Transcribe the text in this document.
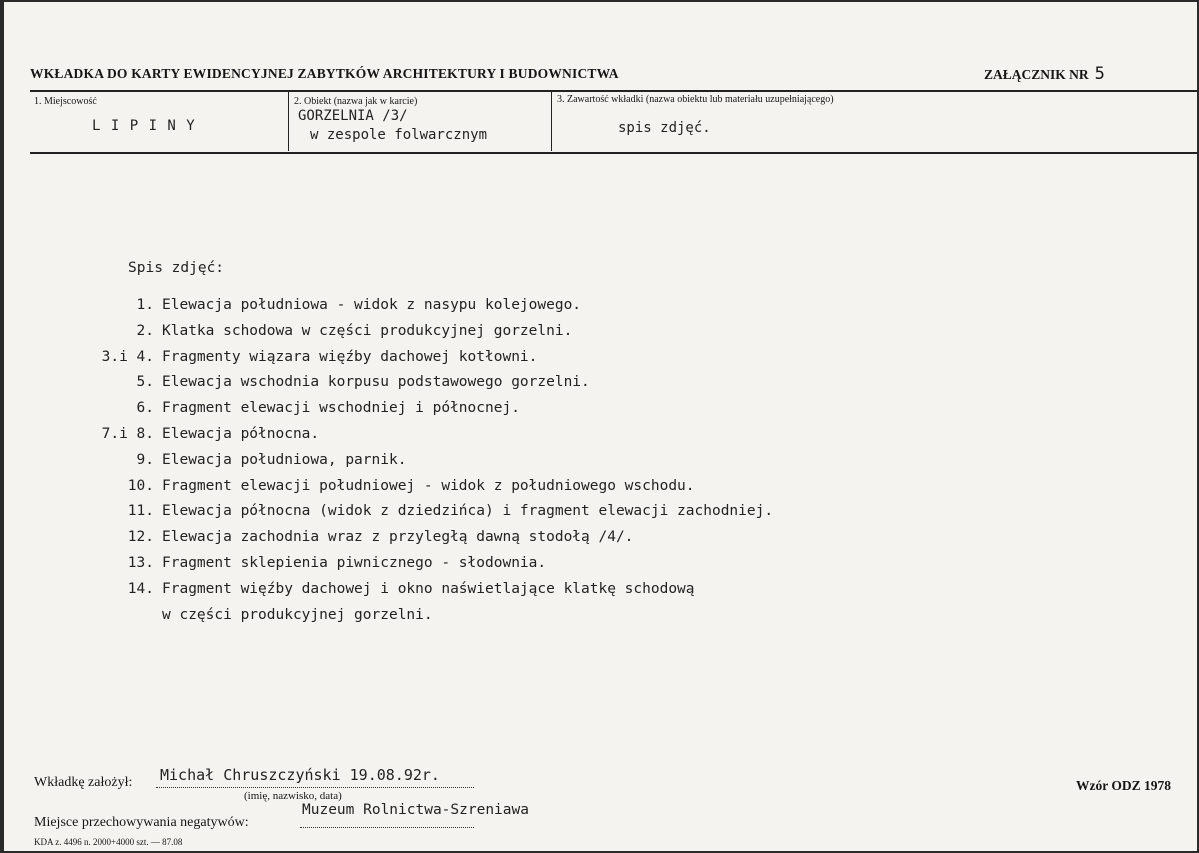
WKŁADKA DO KARTY EWIDENCYJNEJ ZABYTKÓW ARCHITEKTURY I BUDOWNICTWA	ZAŁĄCZNIK NR 5
1. Miejscowość
L I P I N Y
2. Obiekt (nazwa jak w karcie)
GORZELNIA /3/
w zespole folwarcznym
3. Zawartość wkładki (nazwa obiektu lub materiału uzupełniającego)
spis zdjęć.
Spis zdjęć:
1. Elewacja południowa - widok z nasypu kolejowego.
2. Klatka schodowa w części produkcyjnej gorzelni.
3.i 4. Fragmenty wiązara więźby dachowej kotłowni.
5. Elewacja wschodnia korpusu podstawowego gorzelni.
6. Fragment elewacji wschodniej i północnej.
7.i 8. Elewacja północna.
9. Elewacja południowa, parnik.
10. Fragment elewacji południowej - widok z południowego wschodu.
11. Elewacja północna (widok z dziedzińca) i fragment elewacji zachodniej.
12. Elewacja zachodnia wraz z przyległą dawną stodołą /4/.
13. Fragment sklepienia piwnicznego - słodownia.
14. Fragment więźby dachowej i okno naświetlające klatkę schodową
w części produkcyjnej gorzelni.
Wkładkę założył: Michał Chruszczyński 19.08.92r.
(imię, nazwisko, data)
Muzeum Rolnictwa-Szreniawa
Miejsce przechowywania negatywów:
Wzór ODZ 1978
KDA z. 4496 n. 2000+4000 szt. — 87.08
